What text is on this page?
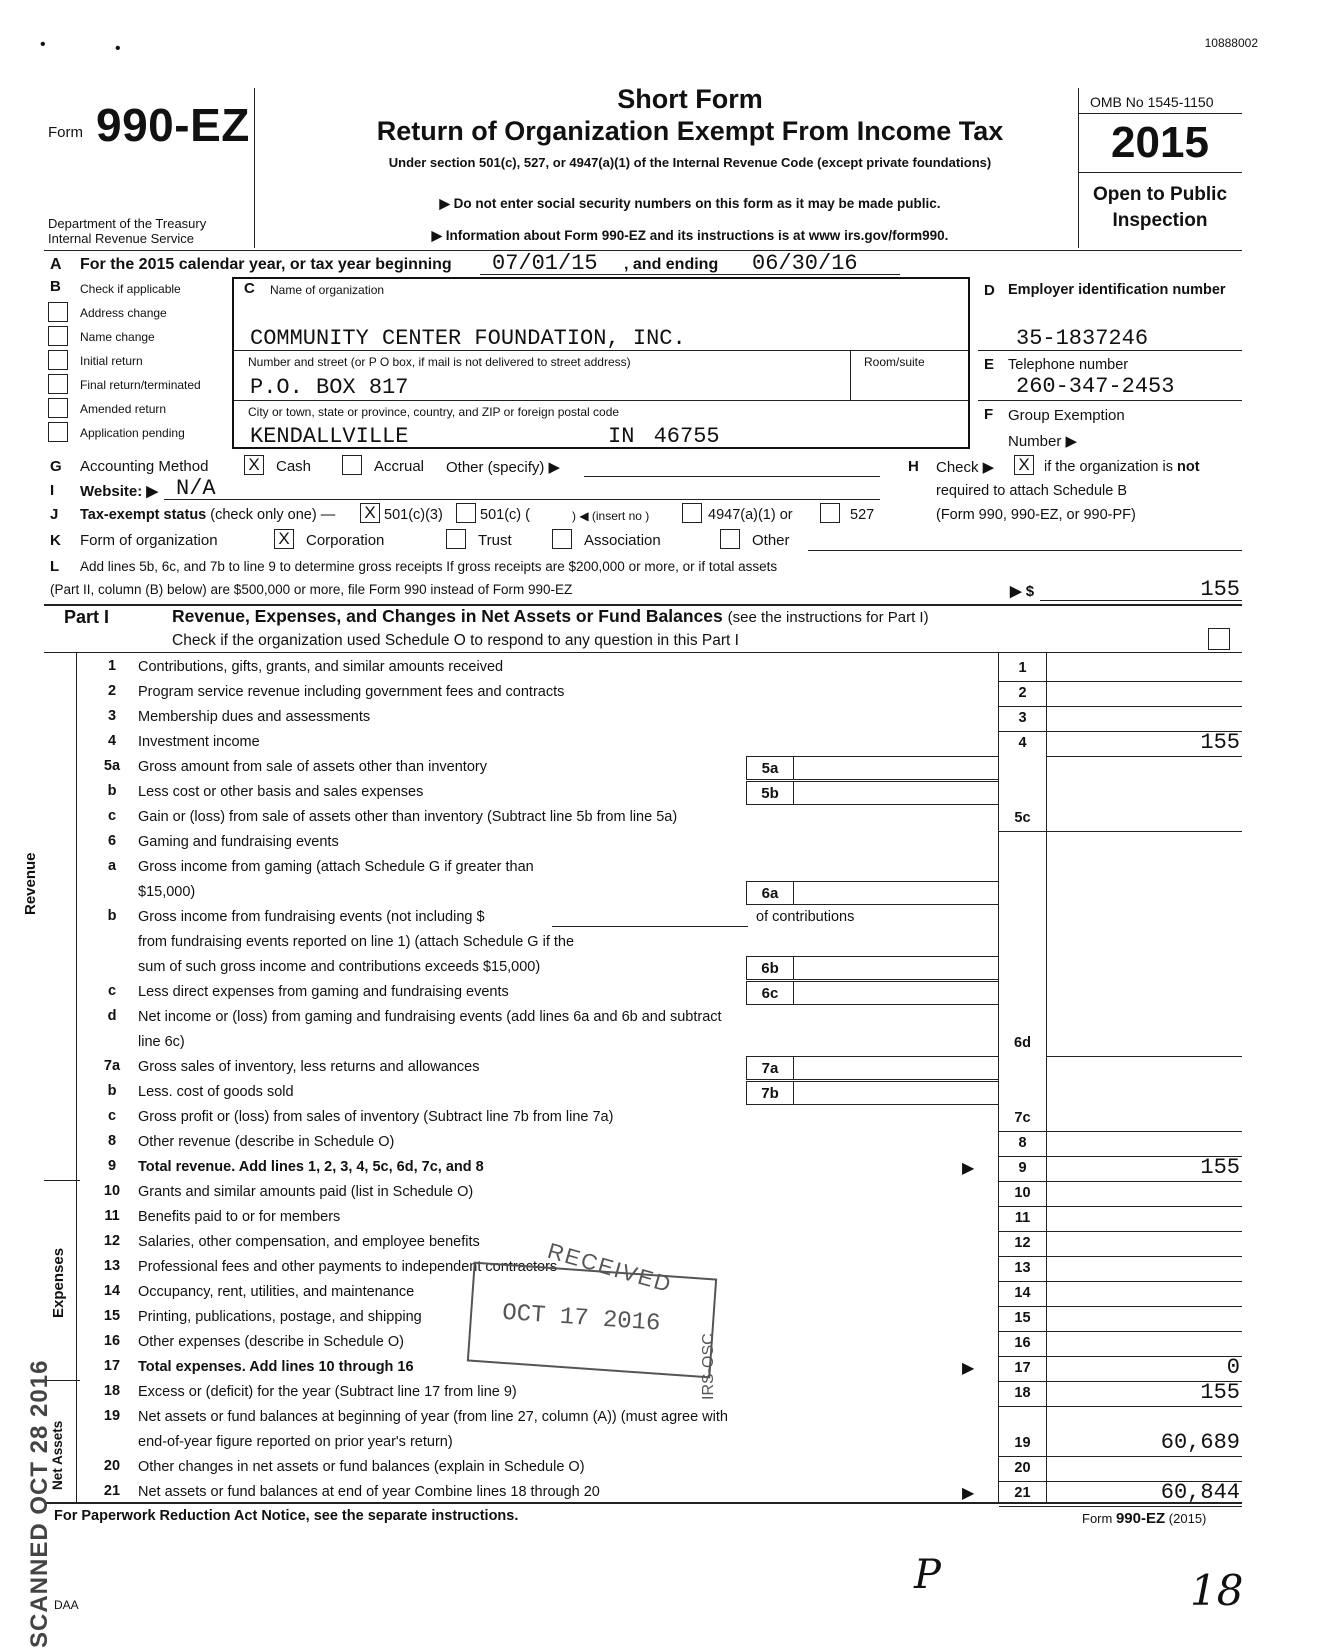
10888002
•	•
Form 990-EZ
Department of the Treasury
Internal Revenue Service
Short Form
Return of Organization Exempt From Income Tax
Under section 501(c), 527, or 4947(a)(1) of the Internal Revenue Code (except private foundations)
▶ Do not enter social security numbers on this form as it may be made public.
▶ Information about Form 990-EZ and its instructions is at www irs.gov/form990.
OMB No 1545-1150
2015
Open to Public
Inspection
A For the 2015 calendar year, or tax year beginning 07/01/15 , and ending 06/30/16
B Check if applicable
Address change
Name change
Initial return
Final return/terminated
Amended return
Application pending
C Name of organization
COMMUNITY CENTER FOUNDATION, INC.
Number and street (or P O box, if mail is not delivered to street address)	Room/suite
P.O. BOX 817
City or town, state or province, country, and ZIP or foreign postal code
KENDALLVILLE	IN 46755
D Employer identification number
35-1837246
E Telephone number
260-347-2453
F Group Exemption
Number ▶
G Accounting Method X Cash	Accrual Other (specify) ▶	H Check ▶ X if the organization is not
required to attach Schedule B
(Form 990, 990-EZ, or 990-PF)
I Website: ▶ N/A
J Tax-exempt status (check only one) — X 501(c)(3)	501(c) (	) ◀ (insert no )	4947(a)(1) or	527
K Form of organization	X Corporation	Trust	Association	Other
L Add lines 5b, 6c, and 7b to line 9 to determine gross receipts If gross receipts are $200,000 or more, or if total assets
(Part II, column (B) below) are $500,000 or more, file Form 990 instead of Form 990-EZ	▶ $	155
Part I	Revenue, Expenses, and Changes in Net Assets or Fund Balances (see the instructions for Part I)
Check if the organization used Schedule O to respond to any question in this Part I
Revenue
Expenses
Net Assets
1	Contributions, gifts, grants, and similar amounts received	1
2	Program service revenue including government fees and contracts	2
3	Membership dues and assessments	3
4	Investment income	4	155
5a	Gross amount from sale of assets other than inventory	5a
b	Less cost or other basis and sales expenses	5b
c	Gain or (loss) from sale of assets other than inventory (Subtract line 5b from line 5a)	5c
6	Gaming and fundraising events
a	Gross income from gaming (attach Schedule G if greater than
$15,000)	6a
b	Gross income from fundraising events (not including $	of contributions
from fundraising events reported on line 1) (attach Schedule G if the
sum of such gross income and contributions exceeds $15,000)	6b
c	Less direct expenses from gaming and fundraising events	6c
d	Net income or (loss) from gaming and fundraising events (add lines 6a and 6b and subtract
line 6c)	6d
7a	Gross sales of inventory, less returns and allowances	7a
b	Less. cost of goods sold	7b
c	Gross profit or (loss) from sales of inventory (Subtract line 7b from line 7a)	7c
8	Other revenue (describe in Schedule O)	8
9	Total revenue. Add lines 1, 2, 3, 4, 5c, 6d, 7c, and 8	▶	9	155
10	Grants and similar amounts paid (list in Schedule O)	10
11	Benefits paid to or for members	11
12	Salaries, other compensation, and employee benefits	12
13	Professional fees and other payments to independent contractors	13
14	Occupancy, rent, utilities, and maintenance	14
15	Printing, publications, postage, and shipping	15
16	Other expenses (describe in Schedule O)	16
17	Total expenses. Add lines 10 through 16	▶	17	0
18	Excess or (deficit) for the year (Subtract line 17 from line 9)	18	155
19	Net assets or fund balances at beginning of year (from line 27, column (A)) (must agree with
end-of-year figure reported on prior year's return)	19	60,689
20	Other changes in net assets or fund balances (explain in Schedule O)	20
21	Net assets or fund balances at end of year Combine lines 18 through 20	▶	21	60,844
For Paperwork Reduction Act Notice, see the separate instructions.	Form 990-EZ (2015)
DAA
RECEIVED
OCT 17 2016
IRS-OSC
SCANNED OCT 28 2016	P	18
